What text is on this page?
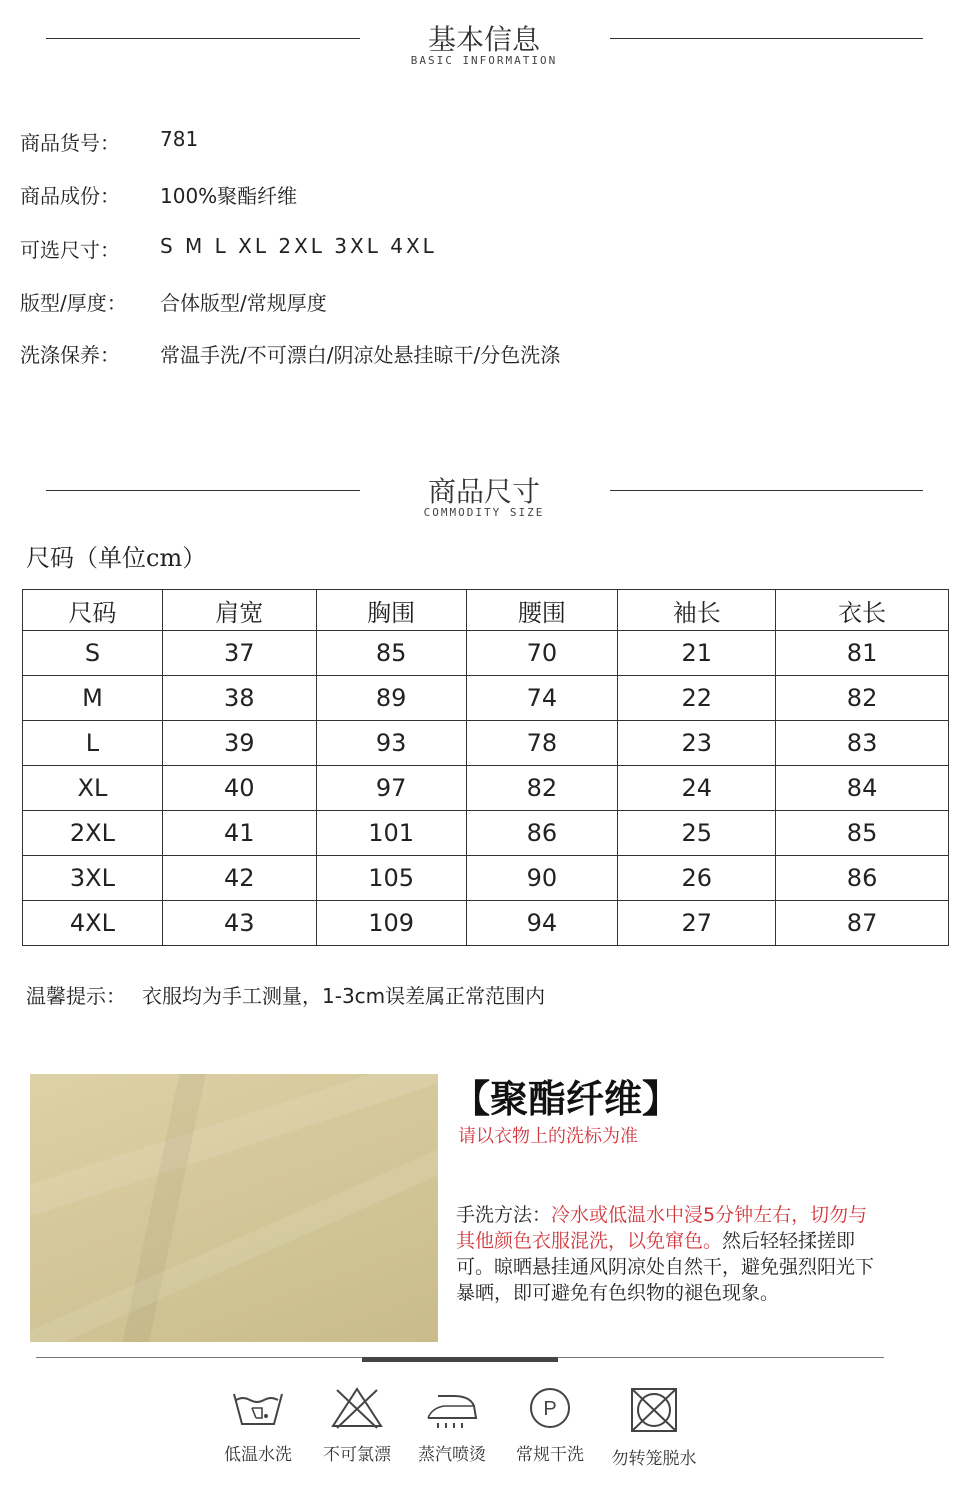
基本信息
BASIC INFORMATION
商品货号： 781
商品成份： 100%聚酯纤维
可选尺寸： S M L XL 2XL 3XL 4XL
版型/厚度： 合体版型/常规厚度
洗涤保养： 常温手洗/不可漂白/阴凉处悬挂晾干/分色洗涤
商品尺寸
COMMODITY SIZE
尺码（单位cm）
尺码	肩宽	胸围	腰围	袖长	衣长
S	37	85	70	21	81
M	38	89	74	22	82
L	39	93	78	23	83
XL	40	97	82	24	84
2XL	41	101	86	25	85
3XL	42	105	90	26	86
4XL	43	109	94	27	87
温馨提示： 衣服均为手工测量，1-3cm误差属正常范围内
【聚酯纤维】
请以衣物上的洗标为准
手洗方法：冷水或低温水中浸5分钟左右，切勿与其他颜色衣服混洗，以免窜色。然后轻轻揉搓即可。晾晒悬挂通风阴凉处自然干，避免强烈阳光下暴晒，即可避免有色织物的褪色现象。
低温水洗	不可氯漂	蒸汽喷烫
P
常规干洗	勿转笼脱水
